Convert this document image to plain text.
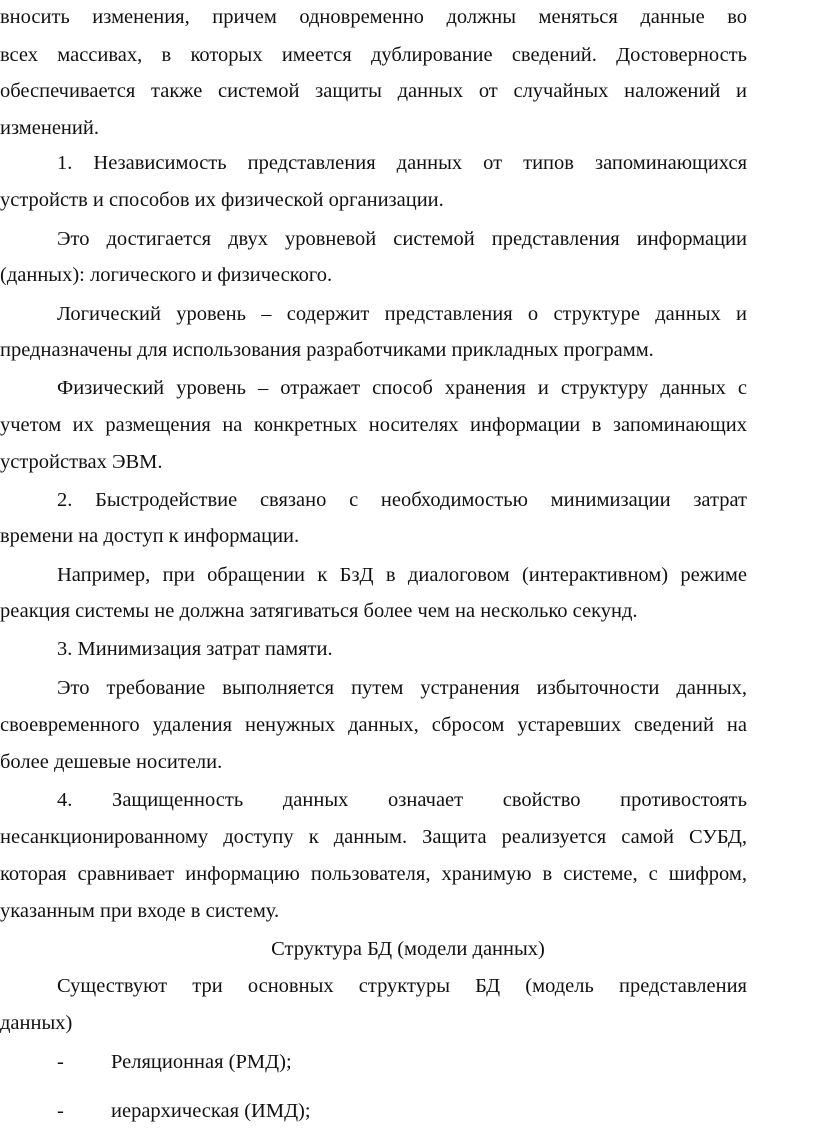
вносить изменения, причем одновременно должны меняться данные во
всех массивах, в которых имеется дублирование сведений. Достоверность
обеспечивается также системой защиты данных от случайных наложений и
изменений.
1. Независимость представления данных от типов запоминающихся
устройств и способов их физической организации.
Это достигается двух уровневой системой представления информации
(данных): логического и физического.
Логический уровень – содержит представления о структуре данных и
предназначены для использования разработчиками прикладных программ.
Физический уровень – отражает способ хранения и структуру данных с
учетом их размещения на конкретных носителях информации в запоминающих
устройствах ЭВМ.
2. Быстродействие связано с необходимостью минимизации затрат
времени на доступ к информации.
Например, при обращении к БзД в диалоговом (интерактивном) режиме
реакция системы не должна затягиваться более чем на несколько секунд.
3. Минимизация затрат памяти.
Это требование выполняется путем устранения избыточности данных,
своевременного удаления ненужных данных, сбросом устаревших сведений на
более дешевые носители.
4. Защищенность данных означает свойство противостоять
несанкционированному доступу к данным. Защита реализуется самой СУБД,
которая сравнивает информацию пользователя, хранимую в системе, с шифром,
указанным при входе в систему.
Структура БД (модели данных)
Существуют три основных структуры БД (модель представления
данных)
- Реляционная (РМД);
- иерархическая (ИМД);
